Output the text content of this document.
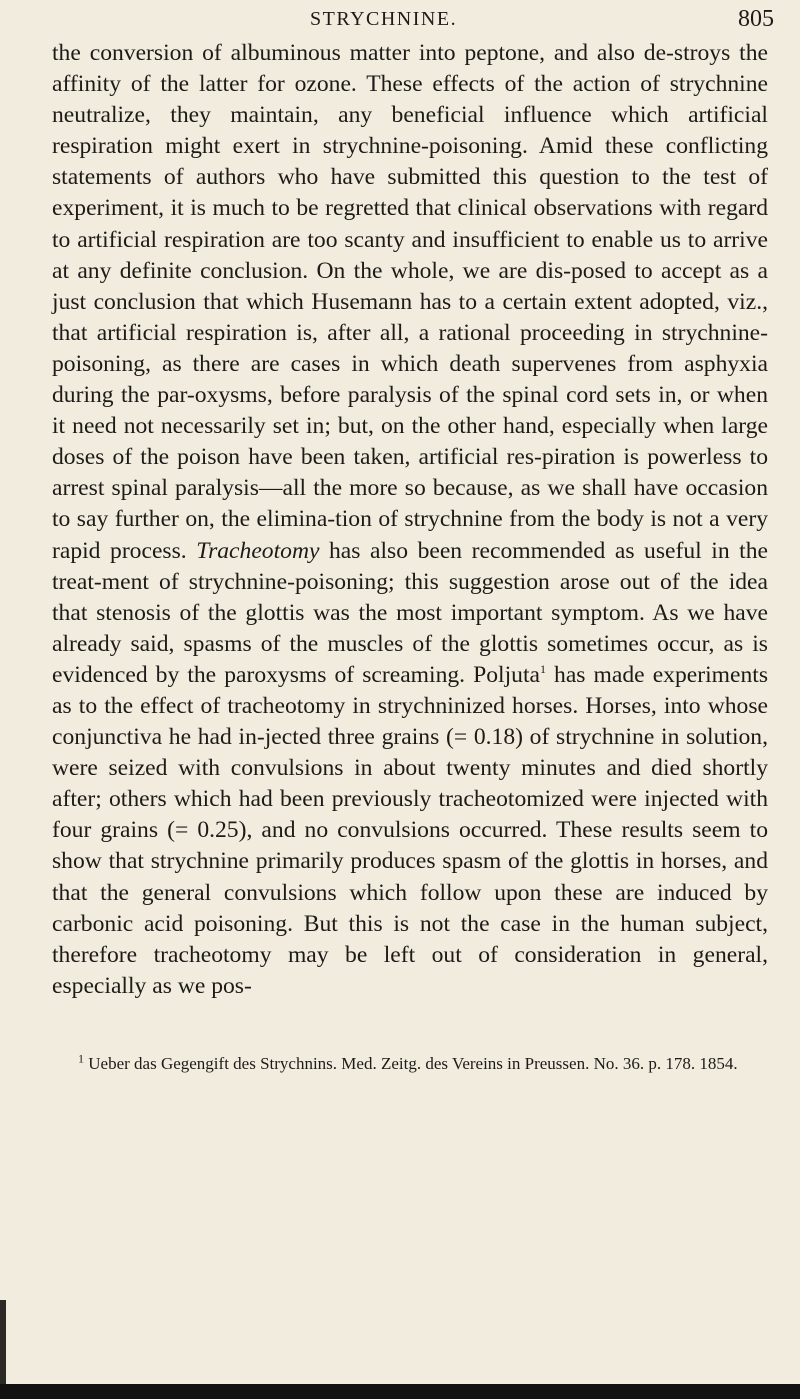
STRYCHNINE.	805

the conversion of albuminous matter into peptone, and also de-stroys the affinity of the latter for ozone. These effects of the action of strychnine neutralize, they maintain, any beneficial influence which artificial respiration might exert in strychnine-poisoning. Amid these conflicting statements of authors who have submitted this question to the test of experiment, it is much to be regretted that clinical observations with regard to artificial respiration are too scanty and insufficient to enable us to arrive at any definite conclusion. On the whole, we are dis-posed to accept as a just conclusion that which Husemann has to a certain extent adopted, viz., that artificial respiration is, after all, a rational proceeding in strychnine-poisoning, as there are cases in which death supervenes from asphyxia during the par-oxysms, before paralysis of the spinal cord sets in, or when it need not necessarily set in; but, on the other hand, especially when large doses of the poison have been taken, artificial res-piration is powerless to arrest spinal paralysis—all the more so because, as we shall have occasion to say further on, the elimina-tion of strychnine from the body is not a very rapid process. Tracheotomy has also been recommended as useful in the treat-ment of strychnine-poisoning; this suggestion arose out of the idea that stenosis of the glottis was the most important symptom. As we have already said, spasms of the muscles of the glottis sometimes occur, as is evidenced by the paroxysms of screaming. Poljuta$^1$ has made experiments as to the effect of tracheotomy in strychninized horses. Horses, into whose conjunctiva he had in-jected three grains (= 0.18) of strychnine in solution, were seized with convulsions in about twenty minutes and died shortly after; others which had been previously tracheotomized were injected with four grains (= 0.25), and no convulsions occurred. These results seem to show that strychnine primarily produces spasm of the glottis in horses, and that the general convulsions which follow upon these are induced by carbonic acid poisoning. But this is not the case in the human subject, therefore tracheotomy may be left out of consideration in general, especially as we pos-

$^1$ Ueber das Gegengift des Strychnins. Med. Zeitg. des Vereins in Preussen. No. 36. p. 178. 1854.
